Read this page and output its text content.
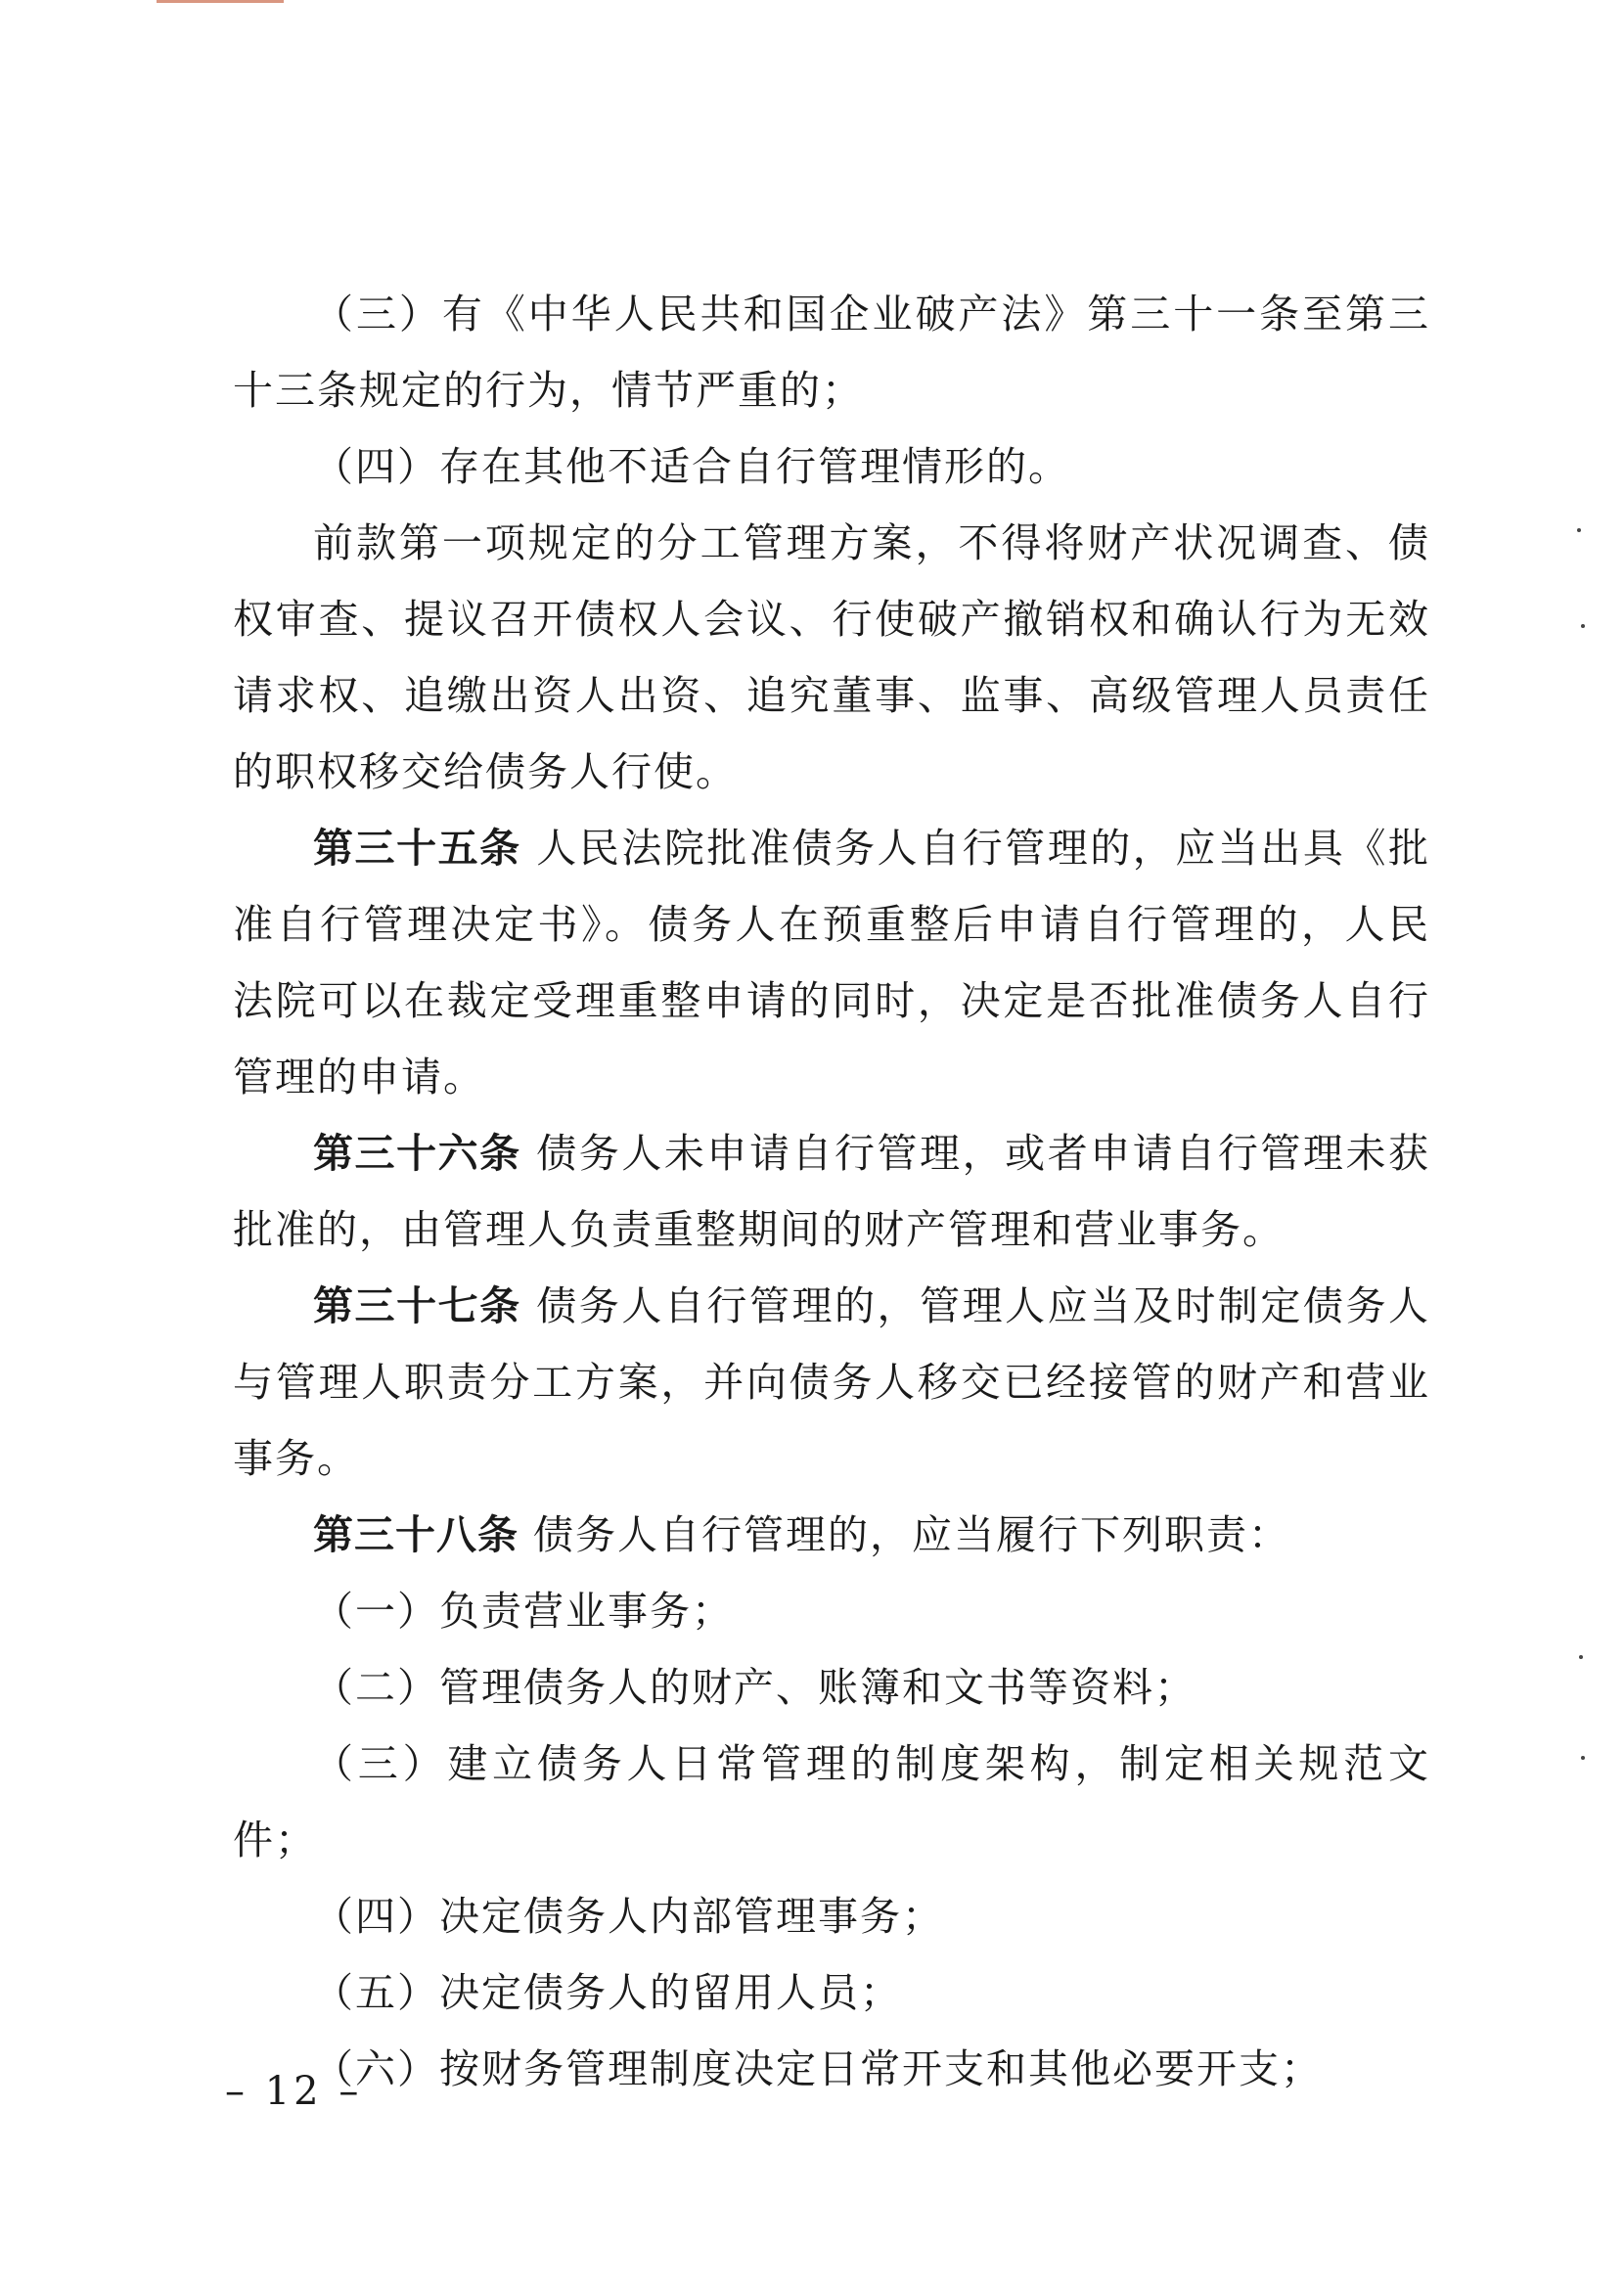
（三）有《中华人民共和国企业破产法》第三十一条至第三十三条规定的行为，情节严重的；

（四）存在其他不适合自行管理情形的。

前款第一项规定的分工管理方案，不得将财产状况调查、债权审查、提议召开债权人会议、行使破产撤销权和确认行为无效请求权、追缴出资人出资、追究董事、监事、高级管理人员责任的职权移交给债务人行使。

第三十五条 人民法院批准债务人自行管理的，应当出具《批准自行管理决定书》。债务人在预重整后申请自行管理的，人民法院可以在裁定受理重整申请的同时，决定是否批准债务人自行管理的申请。

第三十六条 债务人未申请自行管理，或者申请自行管理未获批准的，由管理人负责重整期间的财产管理和营业事务。

第三十七条 债务人自行管理的，管理人应当及时制定债务人与管理人职责分工方案，并向债务人移交已经接管的财产和营业事务。

第三十八条 债务人自行管理的，应当履行下列职责：

（一）负责营业事务；

（二）管理债务人的财产、账簿和文书等资料；

（三）建立债务人日常管理的制度架构，制定相关规范文件；

（四）决定债务人内部管理事务；

（五）决定债务人的留用人员；

（六）按财务管理制度决定日常开支和其他必要开支；

– 12 –
